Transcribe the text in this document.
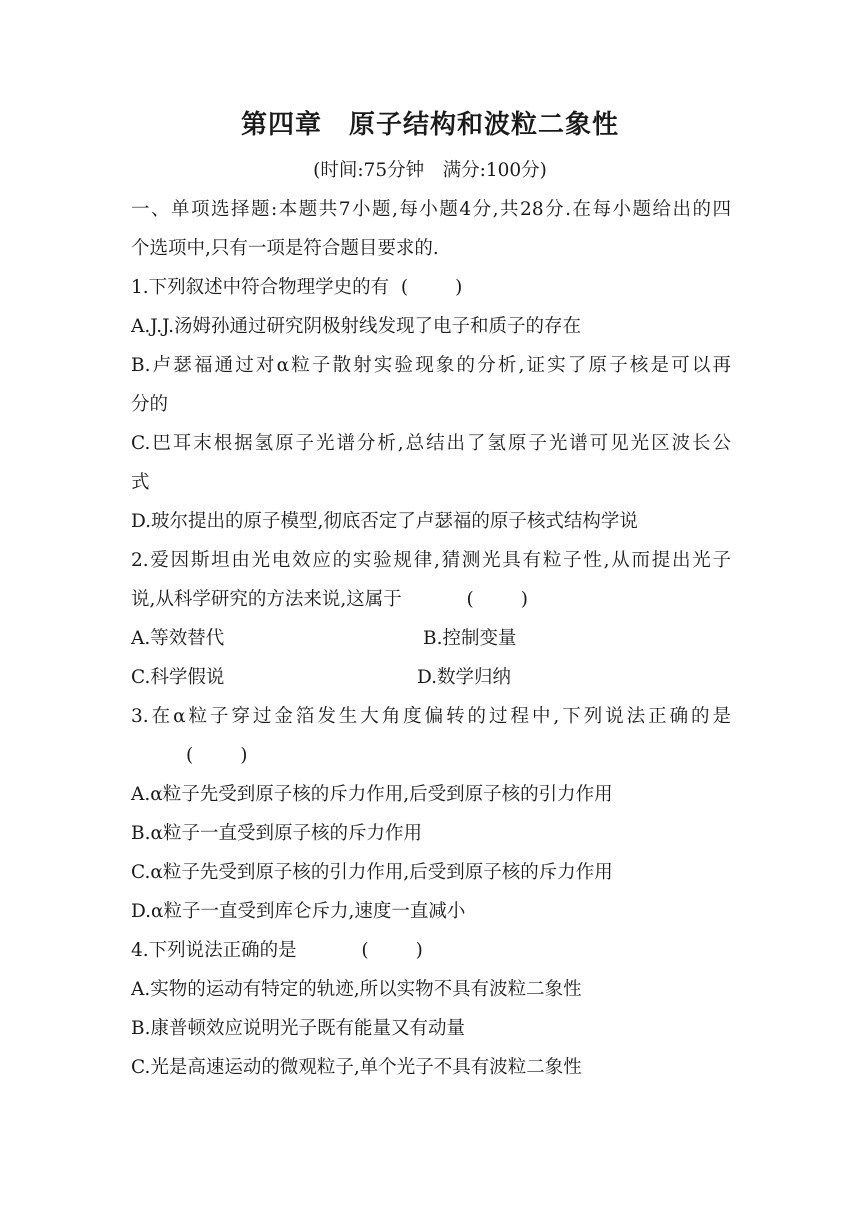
第四章　原子结构和波粒二象性
(时间:75分钟　满分:100分)
一、单项选择题:本题共7小题,每小题4分,共28分.在每小题给出的四
个选项中,只有一项是符合题目要求的.
1.下列叙述中符合物理学史的有  (        )
A.J.J.汤姆孙通过研究阴极射线发现了电子和质子的存在
B.卢瑟福通过对α粒子散射实验现象的分析,证实了原子核是可以再
分的
C.巴耳末根据氢原子光谱分析,总结出了氢原子光谱可见光区波长公
式
D.玻尔提出的原子模型,彻底否定了卢瑟福的原子核式结构学说
2.爱因斯坦由光电效应的实验规律,猜测光具有粒子性,从而提出光子
说,从科学研究的方法来说,这属于           (        )
A.等效替代	B.控制变量
C.科学假说	D.数学归纳
3.在α粒子穿过金箔发生大角度偏转的过程中,下列说法正确的是
(        )
A.α粒子先受到原子核的斥力作用,后受到原子核的引力作用
B.α粒子一直受到原子核的斥力作用
C.α粒子先受到原子核的引力作用,后受到原子核的斥力作用
D.α粒子一直受到库仑斥力,速度一直减小
4.下列说法正确的是           (        )
A.实物的运动有特定的轨迹,所以实物不具有波粒二象性
B.康普顿效应说明光子既有能量又有动量
C.光是高速运动的微观粒子,单个光子不具有波粒二象性
